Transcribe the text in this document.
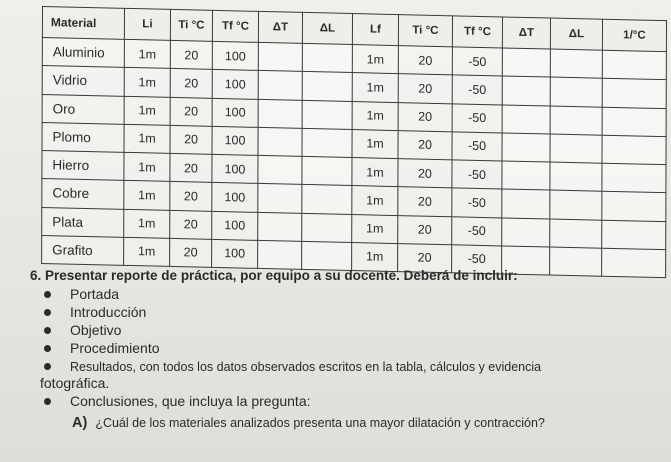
Material	Li	Ti °C	Tf °C	ΔT	ΔL	Lf	Ti °C	Tf °C	ΔT	ΔL	1/°C
Aluminio	1m	20	100			1m	20	-50			
Vidrio	1m	20	100			1m	20	-50			
Oro	1m	20	100			1m	20	-50			
Plomo	1m	20	100			1m	20	-50			
Hierro	1m	20	100			1m	20	-50			
Cobre	1m	20	100			1m	20	-50			
Plata	1m	20	100			1m	20	-50			
Grafito	1m	20	100			1m	20	-50			
6. Presentar reporte de práctica, por equipo a su docente. Deberá de incluir:
Portada
Introducción
Objetivo
Procedimiento
Resultados, con todos los datos observados escritos en la tabla, cálculos y evidencia
fotográfica.
Conclusiones, que incluya la pregunta:
A) ¿Cuál de los materiales analizados presenta una mayor dilatación y contracción?
